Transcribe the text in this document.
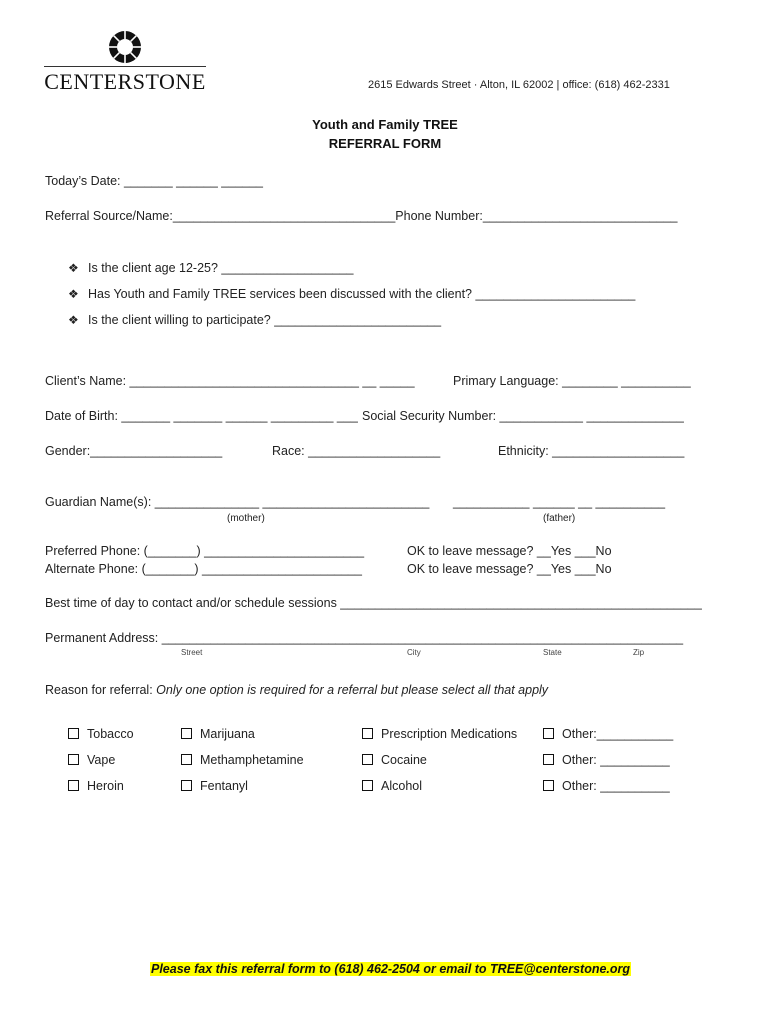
CENTERSTONE	2615 Edwards Street · Alton, IL 62002 | office: (618) 462-2331
Youth and Family TREE
REFERRAL FORM
Today’s Date: _______ ______ ______
Referral Source/Name:________________________________Phone Number:____________________________
❖ Is the client age 12-25? ___________________
❖ Has Youth and Family TREE services been discussed with the client? _______________________
❖ Is the client willing to participate? ________________________
Client’s Name: _________________________________ __ _____	Primary Language: ________ __________
Date of Birth: _______ _______ ______ _________ ___ Social Security Number: ____________ ______________
Gender:___________________	Race: ___________________	Ethnicity: ___________________
Guardian Name(s): _______________ ________________________ ___________ ______ __ __________
(mother)	(father)
Preferred Phone: (_______) _______________________	OK to leave message? __Yes ___No
Alternate Phone: (_______) _______________________	OK to leave message? __Yes ___No
Best time of day to contact and/or schedule sessions ____________________________________________________
Permanent Address: ___________________________________________________________________________
Street	City	State	Zip
Reason for referral: Only one option is required for a referral but please select all that apply
Tobacco	Marijuana	Prescription Medications	Other:___________
Vape	Methamphetamine	Cocaine	Other: __________
Heroin	Fentanyl	Alcohol	Other: __________
Please fax this referral form to (618) 462-2504 or email to TREE@centerstone.org
